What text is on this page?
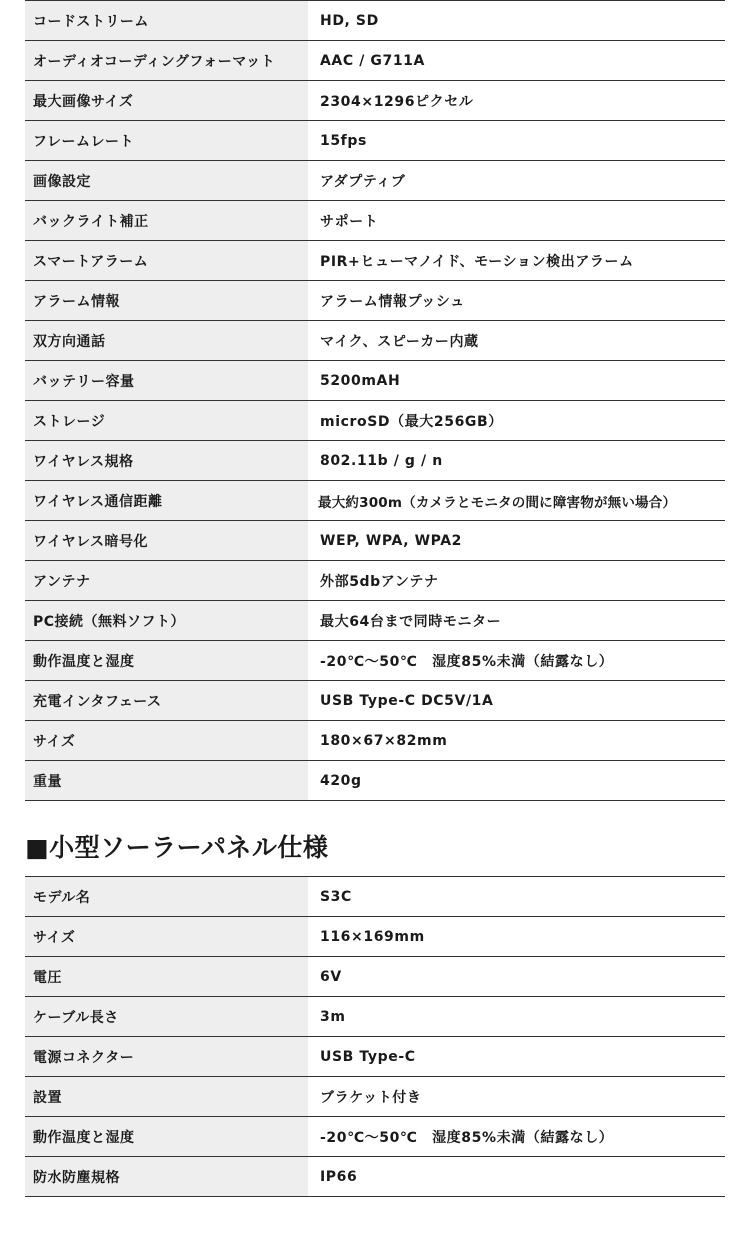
コードストリーム	HD, SD
オーディオコーディングフォーマット	AAC / G711A
最大画像サイズ	2304×1296ピクセル
フレームレート	15fps
画像設定	アダプティブ
バックライト補正	サポート
スマートアラーム	PIR+ヒューマノイド、モーション検出アラーム
アラーム情報	アラーム情報プッシュ
双方向通話	マイク、スピーカー内蔵
バッテリー容量	5200mAH
ストレージ	microSD（最大256GB）
ワイヤレス規格	802.11b / g / n
ワイヤレス通信距離	最大約300m（カメラとモニタの間に障害物が無い場合）
ワイヤレス暗号化	WEP, WPA, WPA2
アンテナ	外部5dbアンテナ
PC接続（無料ソフト）	最大64台まで同時モニター
動作温度と湿度	-20℃～50℃　湿度85%未満（結露なし）
充電インタフェース	USB Type-C DC5V/1A
サイズ	180×67×82mm
重量	420g
■小型ソーラーパネル仕様
モデル名	S3C
サイズ	116×169mm
電圧	6V
ケーブル長さ	3m
電源コネクター	USB Type-C
設置	ブラケット付き
動作温度と湿度	-20℃～50℃　湿度85%未満（結露なし）
防水防塵規格	IP66
